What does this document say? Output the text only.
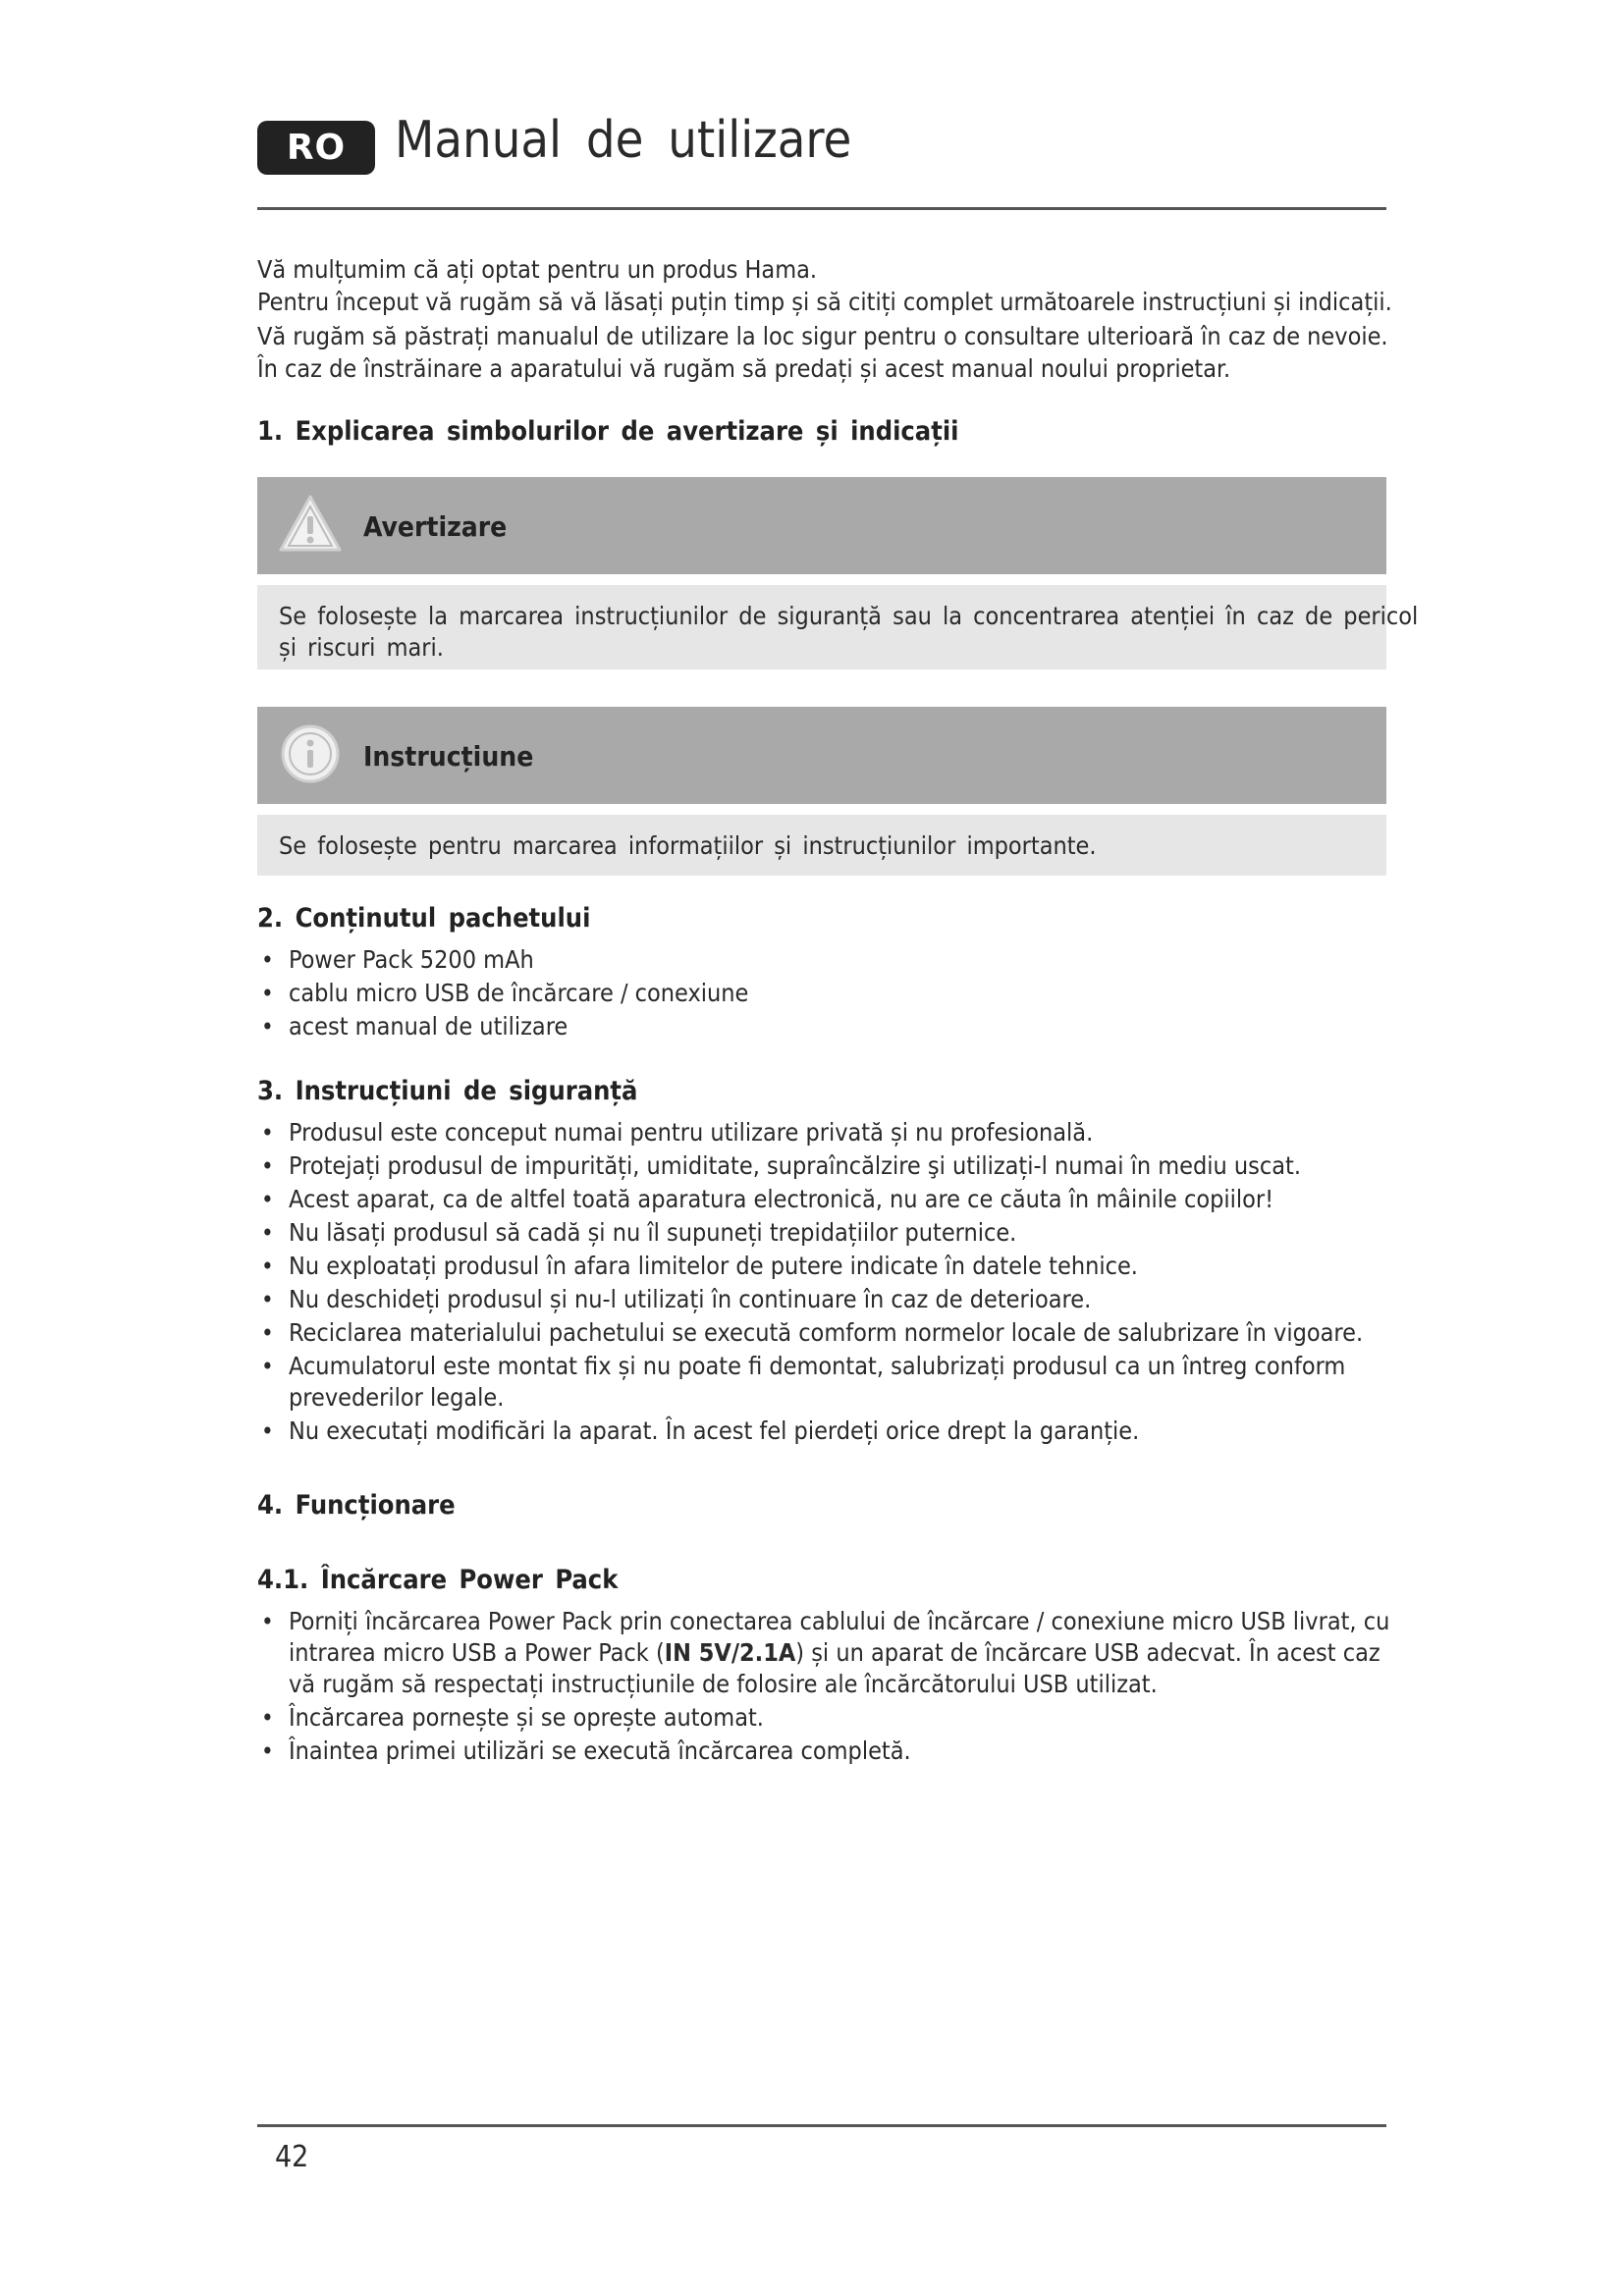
RO Manual de utilizare

Vă mulțumim că ați optat pentru un produs Hama.

Pentru început vă rugăm să vă lăsați puțin timp și să citiți complet următoarele instrucțiuni și indicații.

Vă rugăm să păstrați manualul de utilizare la loc sigur pentru o consultare ulterioară în caz de nevoie.

În caz de înstrăinare a aparatului vă rugăm să predați și acest manual noului proprietar.

1. Explicarea simbolurilor de avertizare și indicații
Avertizare
Se folosește la marcarea instrucțiunilor de siguranță sau la concentrarea atenției în caz de pericol
și riscuri mari.
Instrucțiune
Se folosește pentru marcarea informațiilor și instrucțiunilor importante.
2. Conținutul pachetului
• Power Pack 5200 mAh
• cablu micro USB de încărcare / conexiune
• acest manual de utilizare
3. Instrucțiuni de siguranță
• Produsul este conceput numai pentru utilizare privată și nu profesională.
• Protejați produsul de impurități, umiditate, supraîncălzire şi utilizați-l numai în mediu uscat.
• Acest aparat, ca de altfel toată aparatura electronică, nu are ce căuta în mâinile copiilor!
• Nu lăsați produsul să cadă și nu îl supuneți trepidațiilor puternice.
• Nu exploatați produsul în afara limitelor de putere indicate în datele tehnice.
• Nu deschideți produsul și nu-l utilizați în continuare în caz de deterioare.
• Reciclarea materialului pachetului se execută comform normelor locale de salubrizare în vigoare.
• Acumulatorul este montat fix și nu poate fi demontat, salubrizați produsul ca un întreg conform prevederilor legale.
• Nu executați modificări la aparat. În acest fel pierdeți orice drept la garanție.
4. Funcționare
4.1. Încărcare Power Pack
• Porniți încărcarea Power Pack prin conectarea cablului de încărcare / conexiune micro USB livrat, cu intrarea micro USB a Power Pack (IN 5V/2.1A) și un aparat de încărcare USB adecvat. În acest caz vă rugăm să respectați instrucțiunile de folosire ale încărcătorului USB utilizat.
• Încărcarea pornește și se oprește automat.
• Înaintea primei utilizări se execută încărcarea completă.
42
